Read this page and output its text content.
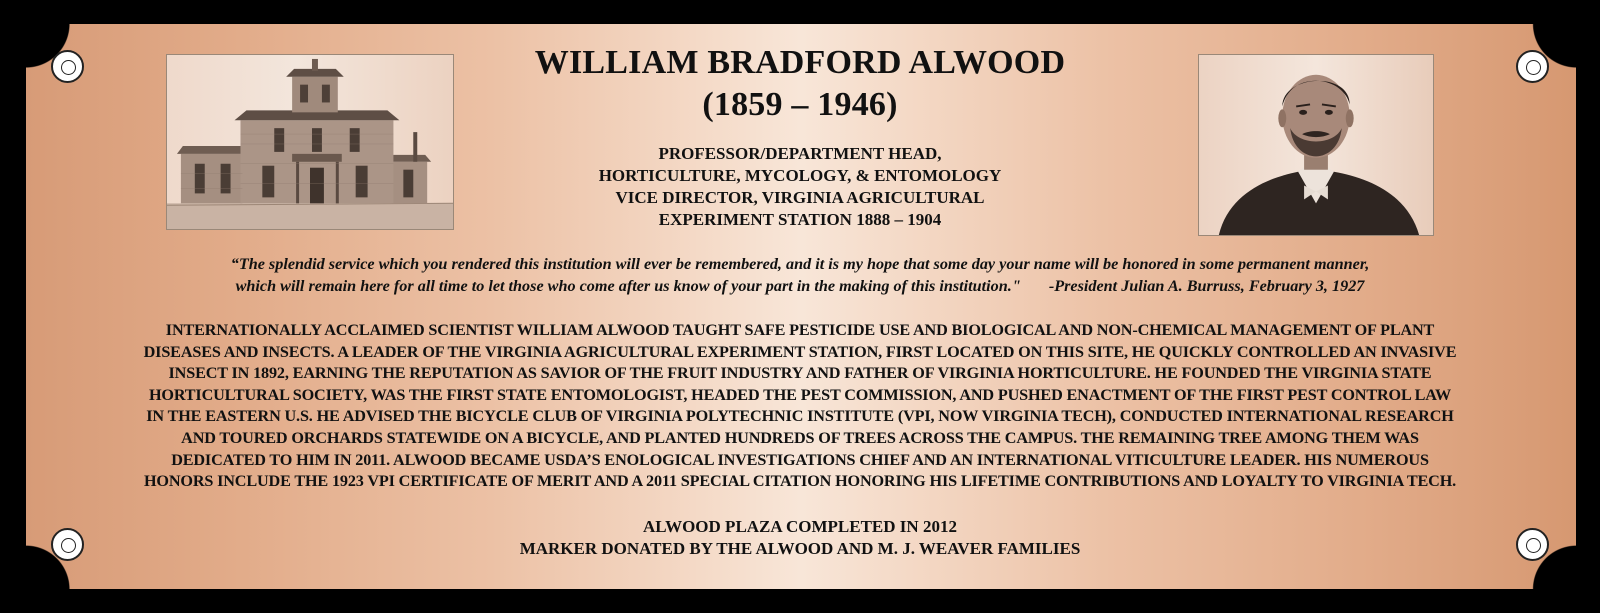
WILLIAM BRADFORD ALWOOD
(1859 – 1946)
PROFESSOR/DEPARTMENT HEAD,
HORTICULTURE, MYCOLOGY, & ENTOMOLOGY
VICE DIRECTOR, VIRGINIA AGRICULTURAL
EXPERIMENT STATION 1888 – 1904
“The splendid service which you rendered this institution will ever be remembered, and it is my hope that some day your name will be honored in some permanent manner,
which will remain here for all time to let those who come after us know of your part in the making of this institution." -President Julian A. Burruss, February 3, 1927
INTERNATIONALLY ACCLAIMED SCIENTIST WILLIAM ALWOOD TAUGHT SAFE PESTICIDE USE AND BIOLOGICAL AND NON-CHEMICAL MANAGEMENT OF PLANT
DISEASES AND INSECTS. A LEADER OF THE VIRGINIA AGRICULTURAL EXPERIMENT STATION, FIRST LOCATED ON THIS SITE, HE QUICKLY CONTROLLED AN INVASIVE
INSECT IN 1892, EARNING THE REPUTATION AS SAVIOR OF THE FRUIT INDUSTRY AND FATHER OF VIRGINIA HORTICULTURE. HE FOUNDED THE VIRGINIA STATE
HORTICULTURAL SOCIETY, WAS THE FIRST STATE ENTOMOLOGIST, HEADED THE PEST COMMISSION, AND PUSHED ENACTMENT OF THE FIRST PEST CONTROL LAW
IN THE EASTERN U.S. HE ADVISED THE BICYCLE CLUB OF VIRGINIA POLYTECHNIC INSTITUTE (VPI, NOW VIRGINIA TECH), CONDUCTED INTERNATIONAL RESEARCH
AND TOURED ORCHARDS STATEWIDE ON A BICYCLE, AND PLANTED HUNDREDS OF TREES ACROSS THE CAMPUS. THE REMAINING TREE AMONG THEM WAS
DEDICATED TO HIM IN 2011. ALWOOD BECAME USDA’S ENOLOGICAL INVESTIGATIONS CHIEF AND AN INTERNATIONAL VITICULTURE LEADER. HIS NUMEROUS
HONORS INCLUDE THE 1923 VPI CERTIFICATE OF MERIT AND A 2011 SPECIAL CITATION HONORING HIS LIFETIME CONTRIBUTIONS AND LOYALTY TO VIRGINIA TECH.
ALWOOD PLAZA COMPLETED IN 2012
MARKER DONATED BY THE ALWOOD AND M. J. WEAVER FAMILIES
